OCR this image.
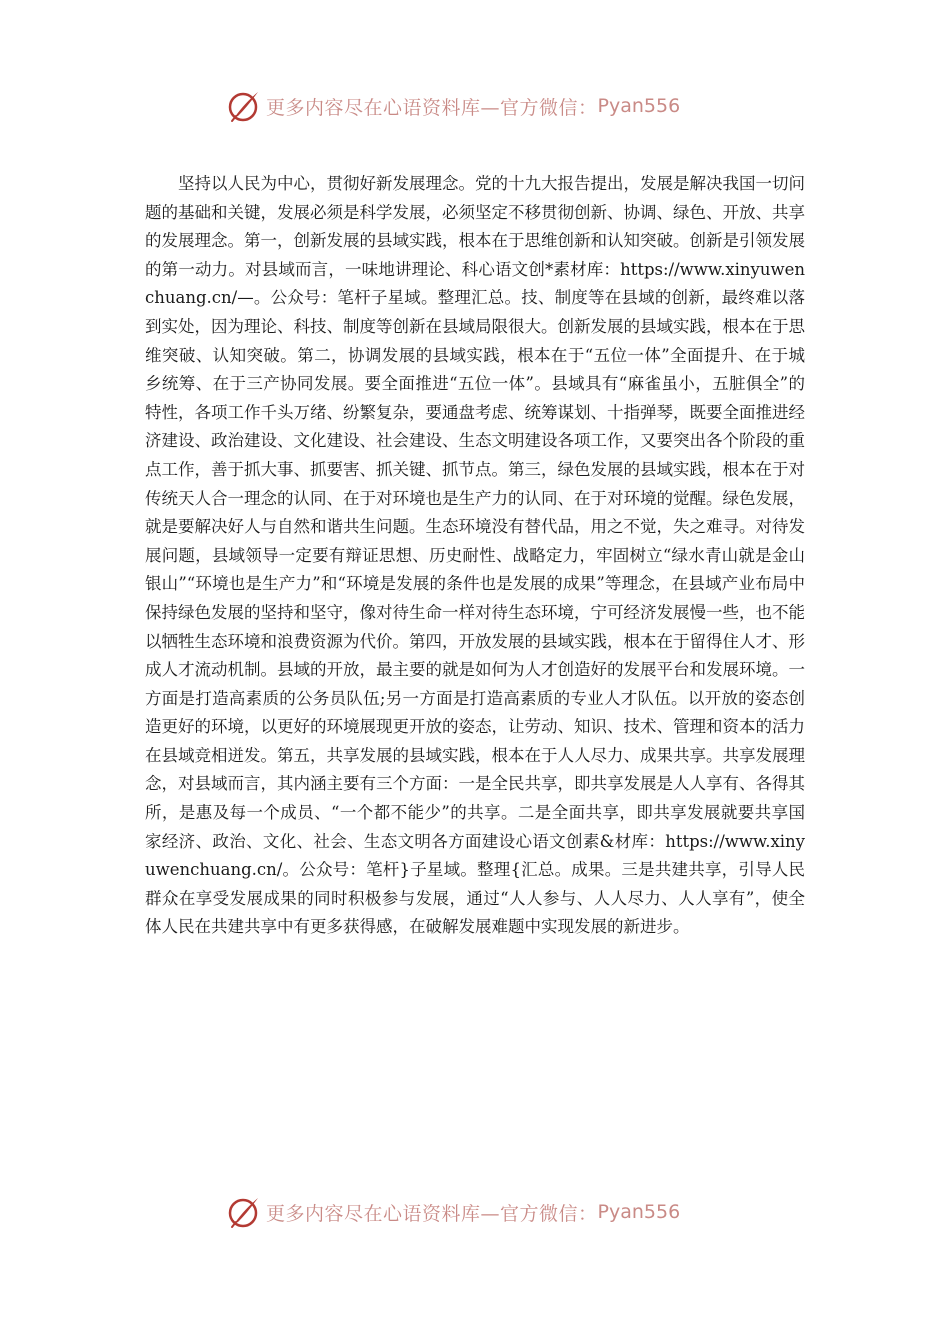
更多内容尽在心语资料库—官方微信： Pyan556

坚持以人民为中心，贯彻好新发展理念。党的十九大报告提出，发展是解决我国一切问题的基础和关键，发展必须是科学发展，必须坚定不移贯彻创新、协调、绿色、开放、共享的发展理念。第一，创新发展的县域实践，根本在于思维创新和认知突破。创新是引领发展的第一动力。对县域而言，一味地讲理论、科心语文创*素材库：https://www.xinyuwenchuang.cn/—。公众号：笔杆子星域。整理汇总。技、制度等在县域的创新，最终难以落到实处，因为理论、科技、制度等创新在县域局限很大。创新发展的县域实践，根本在于思维突破、认知突破。第二，协调发展的县域实践，根本在于“五位一体”全面提升、在于城乡统筹、在于三产协同发展。要全面推进“五位一体”。县域具有“麻雀虽小，五脏俱全”的特性，各项工作千头万绪、纷繁复杂，要通盘考虑、统筹谋划、十指弹琴，既要全面推进经济建设、政治建设、文化建设、社会建设、生态文明建设各项工作，又要突出各个阶段的重点工作，善于抓大事、抓要害、抓关键、抓节点。第三，绿色发展的县域实践，根本在于对传统天人合一理念的认同、在于对环境也是生产力的认同、在于对环境的觉醒。绿色发展，就是要解决好人与自然和谐共生问题。生态环境没有替代品，用之不觉，失之难寻。对待发展问题，县域领导一定要有辩证思想、历史耐性、战略定力，牢固树立“绿水青山就是金山银山”“环境也是生产力”和“环境是发展的条件也是发展的成果”等理念，在县域产业布局中保持绿色发展的坚持和坚守，像对待生命一样对待生态环境，宁可经济发展慢一些，也不能以牺牲生态环境和浪费资源为代价。第四，开放发展的县域实践，根本在于留得住人才、形成人才流动机制。县域的开放，最主要的就是如何为人才创造好的发展平台和发展环境。一方面是打造高素质的公务员队伍;另一方面是打造高素质的专业人才队伍。以开放的姿态创造更好的环境，以更好的环境展现更开放的姿态，让劳动、知识、技术、管理和资本的活力在县域竞相迸发。第五，共享发展的县域实践，根本在于人人尽力、成果共享。共享发展理念，对县域而言，其内涵主要有三个方面：一是全民共享，即共享发展是人人享有、各得其所，是惠及每一个成员、“一个都不能少”的共享。二是全面共享，即共享发展就要共享国家经济、政治、文化、社会、生态文明各方面建设心语文创素&材库：https://www.xinyuwenchuang.cn/。公众号：笔杆}子星域。整理{汇总。成果。三是共建共享，引导人民群众在享受发展成果的同时积极参与发展，通过“人人参与、人人尽力、人人享有”，使全体人民在共建共享中有更多获得感，在破解发展难题中实现发展的新进步。

更多内容尽在心语资料库—官方微信： Pyan556
